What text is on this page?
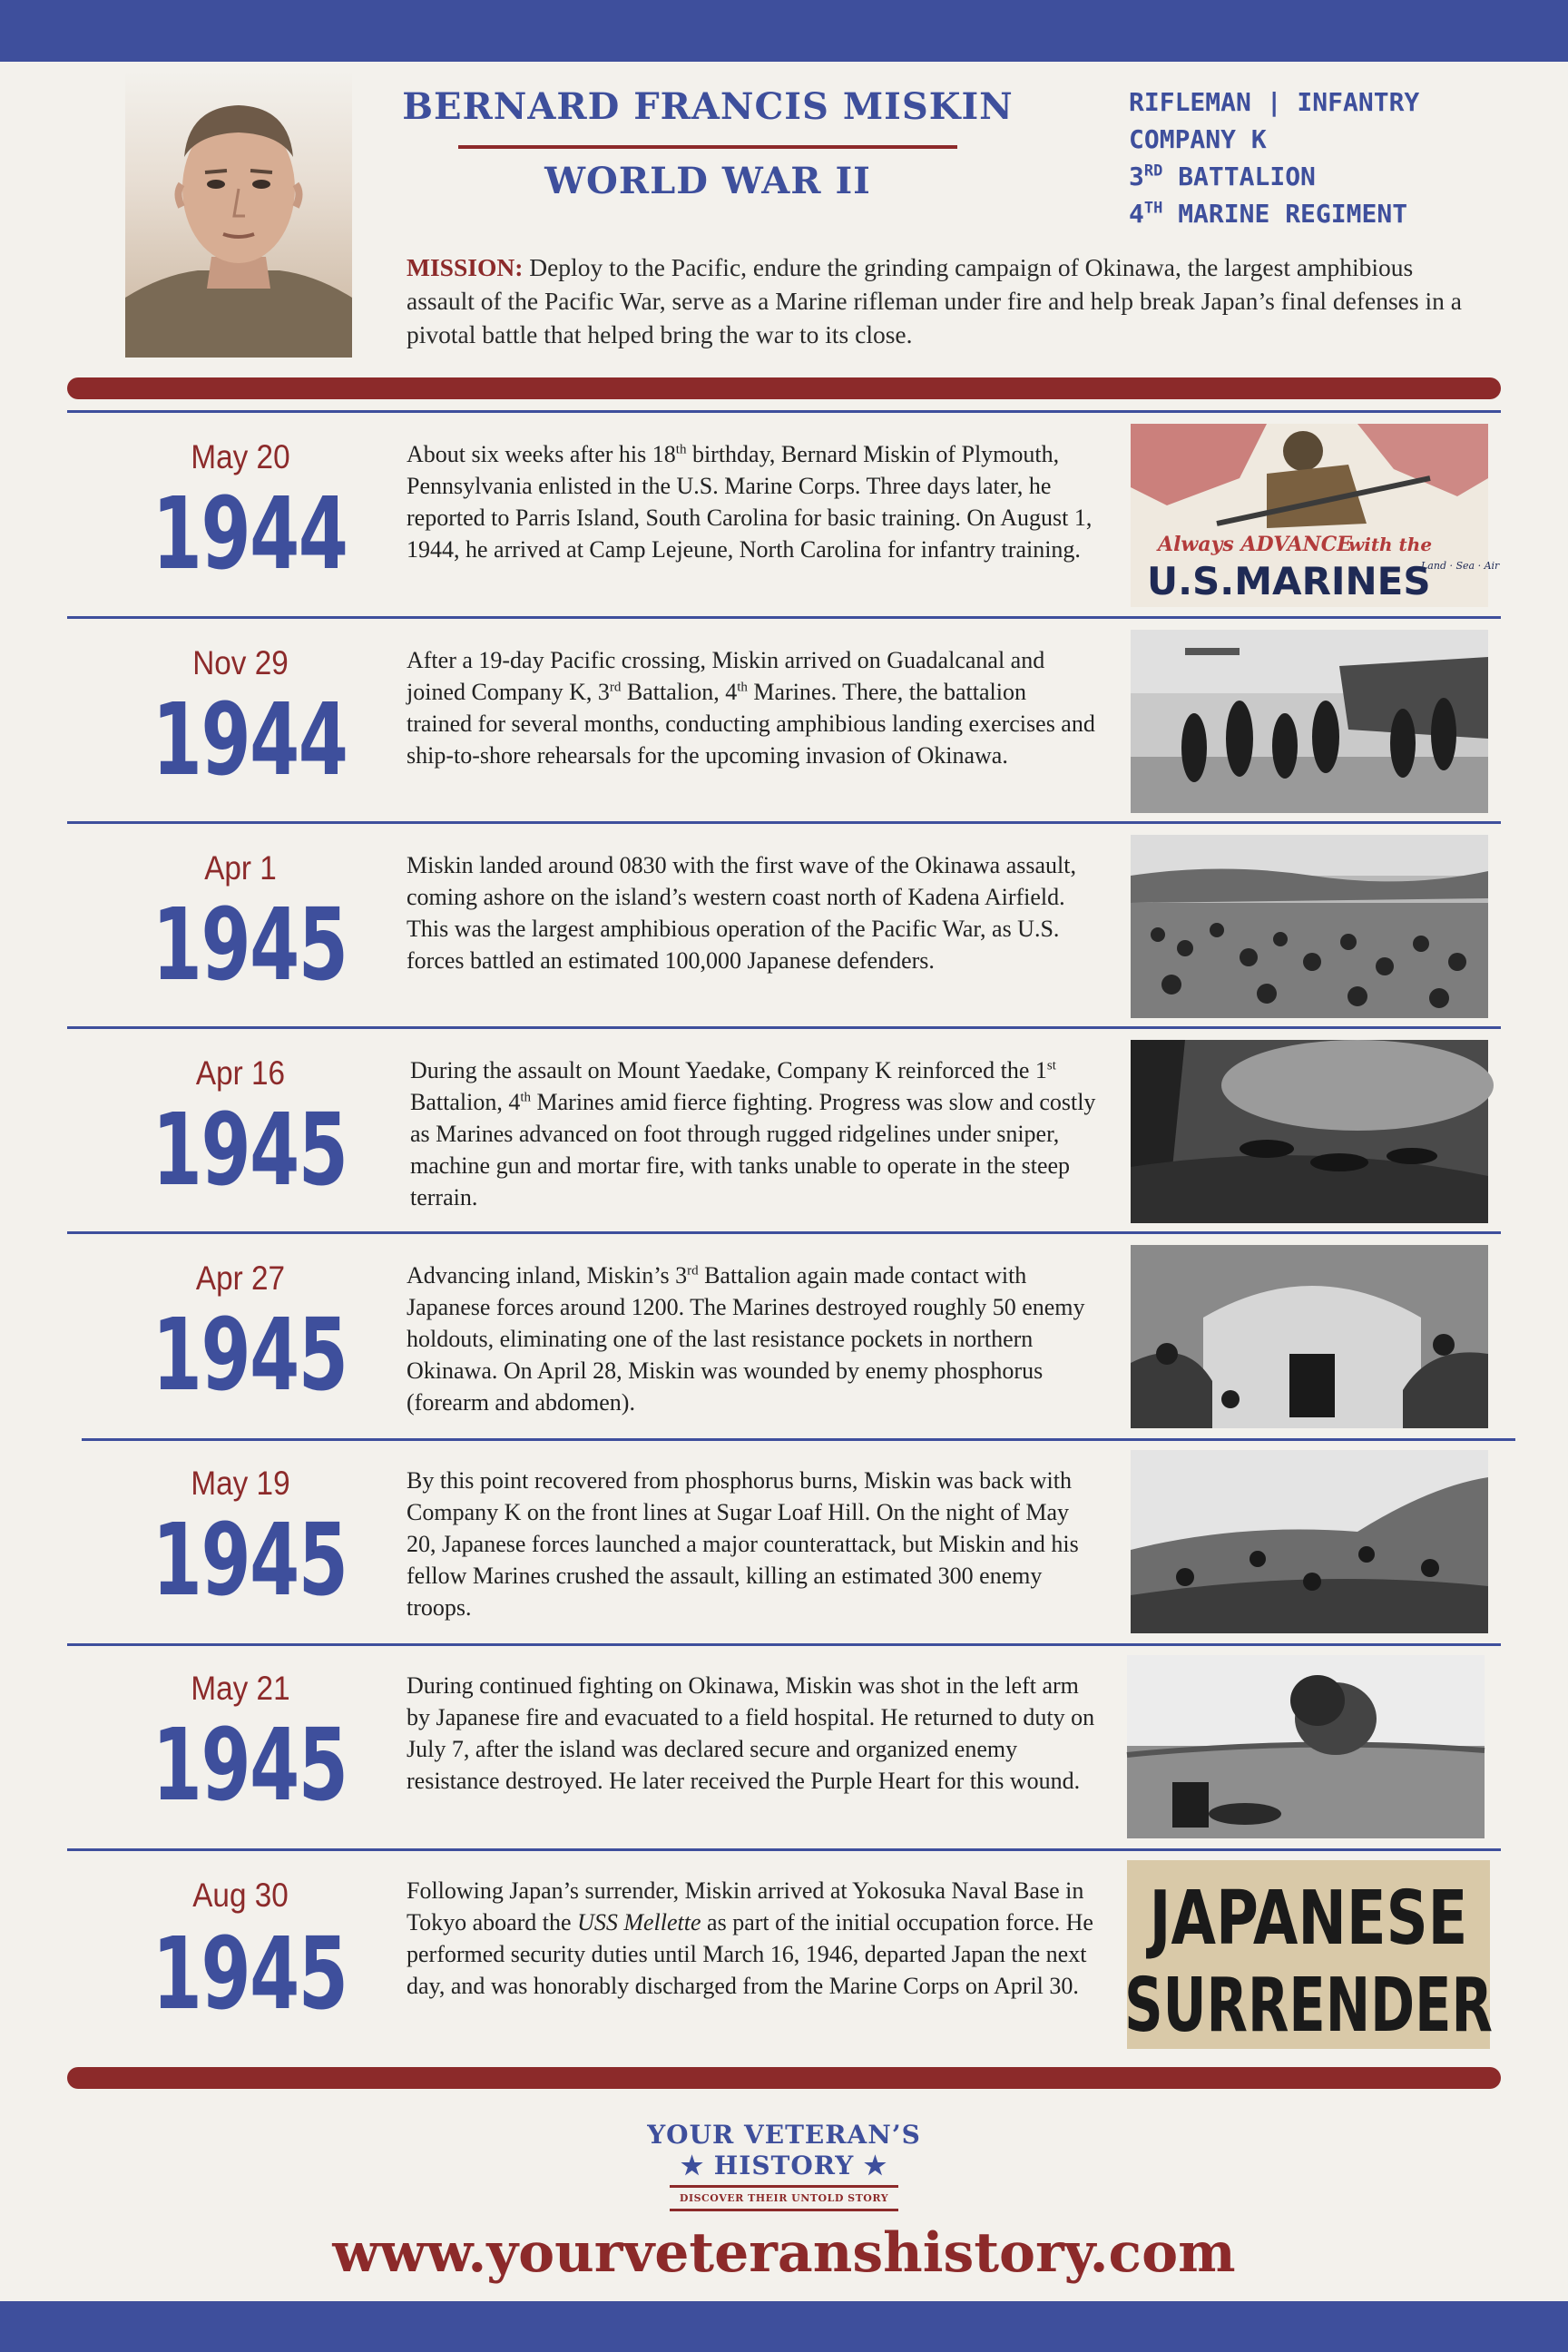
BERNARD FRANCIS MISKIN
WORLD WAR II
RIFLEMAN | INFANTRY
COMPANY K
3RD BATTALION
4TH MARINE REGIMENT
MISSION: Deploy to the Pacific, endure the grinding campaign of Okinawa, the largest amphibious assault of the Pacific War, serve as a Marine rifleman under fire and help break Japan’s final defenses in a pivotal battle that helped bring the war to its close.
May 20
1944
About six weeks after his 18th birthday, Bernard Miskin of Plymouth, Pennsylvania enlisted in the U.S. Marine Corps. Three days later, he reported to Parris Island, South Carolina for basic training. On August 1, 1944, he arrived at Camp Lejeune, North Carolina for infantry training.	Always ADVANCE
with the
U.S.MARINES
Land · Sea · Air
Nov 29
1944
After a 19-day Pacific crossing, Miskin arrived on Guadalcanal and joined Company K, 3rd Battalion, 4th Marines. There, the battalion trained for several months, conducting amphibious landing exercises and ship-to-shore rehearsals for the upcoming invasion of Okinawa.
Apr 1
1945
Miskin landed around 0830 with the first wave of the Okinawa assault, coming ashore on the island’s western coast north of Kadena Airfield. This was the largest amphibious operation of the Pacific War, as U.S. forces battled an estimated 100,000 Japanese defenders.
Apr 16
1945
During the assault on Mount Yaedake, Company K reinforced the 1st Battalion, 4th Marines amid fierce fighting. Progress was slow and costly as Marines advanced on foot through rugged ridgelines under sniper, machine gun and mortar fire, with tanks unable to operate in the steep terrain.
Apr 27
1945
Advancing inland, Miskin’s 3rd Battalion again made contact with Japanese forces around 1200. The Marines destroyed roughly 50 enemy holdouts, eliminating one of the last resistance pockets in northern Okinawa. On April 28, Miskin was wounded by enemy phosphorus (forearm and abdomen).
May 19
1945
By this point recovered from phosphorus burns, Miskin was back with Company K on the front lines at Sugar Loaf Hill. On the night of May 20, Japanese forces launched a major counterattack, but Miskin and his fellow Marines crushed the assault, killing an estimated 300 enemy troops.
May 21
1945
During continued fighting on Okinawa, Miskin was shot in the left arm by Japanese fire and evacuated to a field hospital. He returned to duty on July 7, after the island was declared secure and organized enemy resistance destroyed. He later received the Purple Heart for this wound.
Aug 30
1945
Following Japan’s surrender, Miskin arrived at Yokosuka Naval Base in Tokyo aboard the USS Mellette as part of the initial occupation force. He performed security duties until March 16, 1946, departed Japan the next day, and was honorably discharged from the Marine Corps on April 30.
JAPANESE
SURRENDER
YOUR VETERAN’S
★ HISTORY ★
DISCOVER THEIR UNTOLD STORY
www.yourveteranshistory.com
